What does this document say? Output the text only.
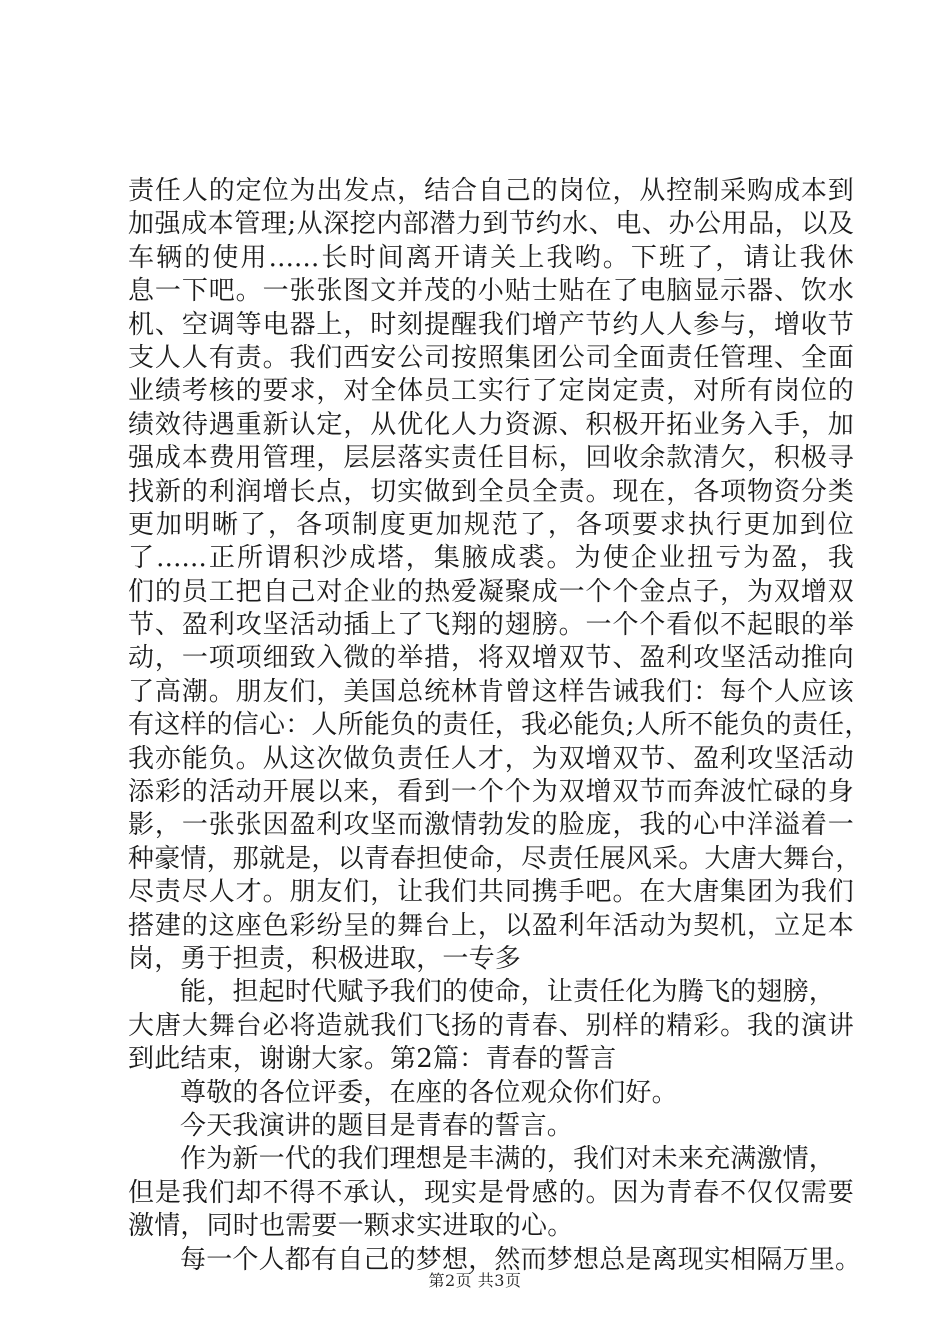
责任人的定位为出发点，结合自己的岗位，从控制采购成本到
加强成本管理;从深挖内部潜力到节约水、电、办公用品，以及
车辆的使用......长时间离开请关上我哟。下班了，请让我休
息一下吧。一张张图文并茂的小贴士贴在了电脑显示器、饮水
机、空调等电器上，时刻提醒我们增产节约人人参与，增收节
支人人有责。我们西安公司按照集团公司全面责任管理、全面
业绩考核的要求，对全体员工实行了定岗定责，对所有岗位的
绩效待遇重新认定，从优化人力资源、积极开拓业务入手，加
强成本费用管理，层层落实责任目标，回收余款清欠，积极寻
找新的利润增长点，切实做到全员全责。现在，各项物资分类
更加明晰了，各项制度更加规范了，各项要求执行更加到位
了......正所谓积沙成塔，集腋成裘。为使企业扭亏为盈，我
们的员工把自己对企业的热爱凝聚成一个个金点子，为双增双
节、盈利攻坚活动插上了飞翔的翅膀。一个个看似不起眼的举
动，一项项细致入微的举措，将双增双节、盈利攻坚活动推向
了高潮。朋友们，美国总统林肯曾这样告诫我们：每个人应该
有这样的信心：人所能负的责任，我必能负;人所不能负的责任，
我亦能负。从这次做负责任人才，为双增双节、盈利攻坚活动
添彩的活动开展以来，看到一个个为双增双节而奔波忙碌的身
影，一张张因盈利攻坚而激情勃发的脸庞，我的心中洋溢着一
种豪情，那就是，以青春担使命，尽责任展风采。大唐大舞台，
尽责尽人才。朋友们，让我们共同携手吧。在大唐集团为我们
搭建的这座色彩纷呈的舞台上，以盈利年活动为契机，立足本
岗，勇于担责，积极进取，一专多
能，担起时代赋予我们的使命，让责任化为腾飞的翅膀，
大唐大舞台必将造就我们飞扬的青春、别样的精彩。我的演讲
到此结束，谢谢大家。第2篇：青春的誓言
尊敬的各位评委，在座的各位观众你们好。
今天我演讲的题目是青春的誓言。
作为新一代的我们理想是丰满的，我们对未来充满激情，
但是我们却不得不承认，现实是骨感的。因为青春不仅仅需要
激情，同时也需要一颗求实进取的心。
每一个人都有自己的梦想，然而梦想总是离现实相隔万里。
第2页 共3页
